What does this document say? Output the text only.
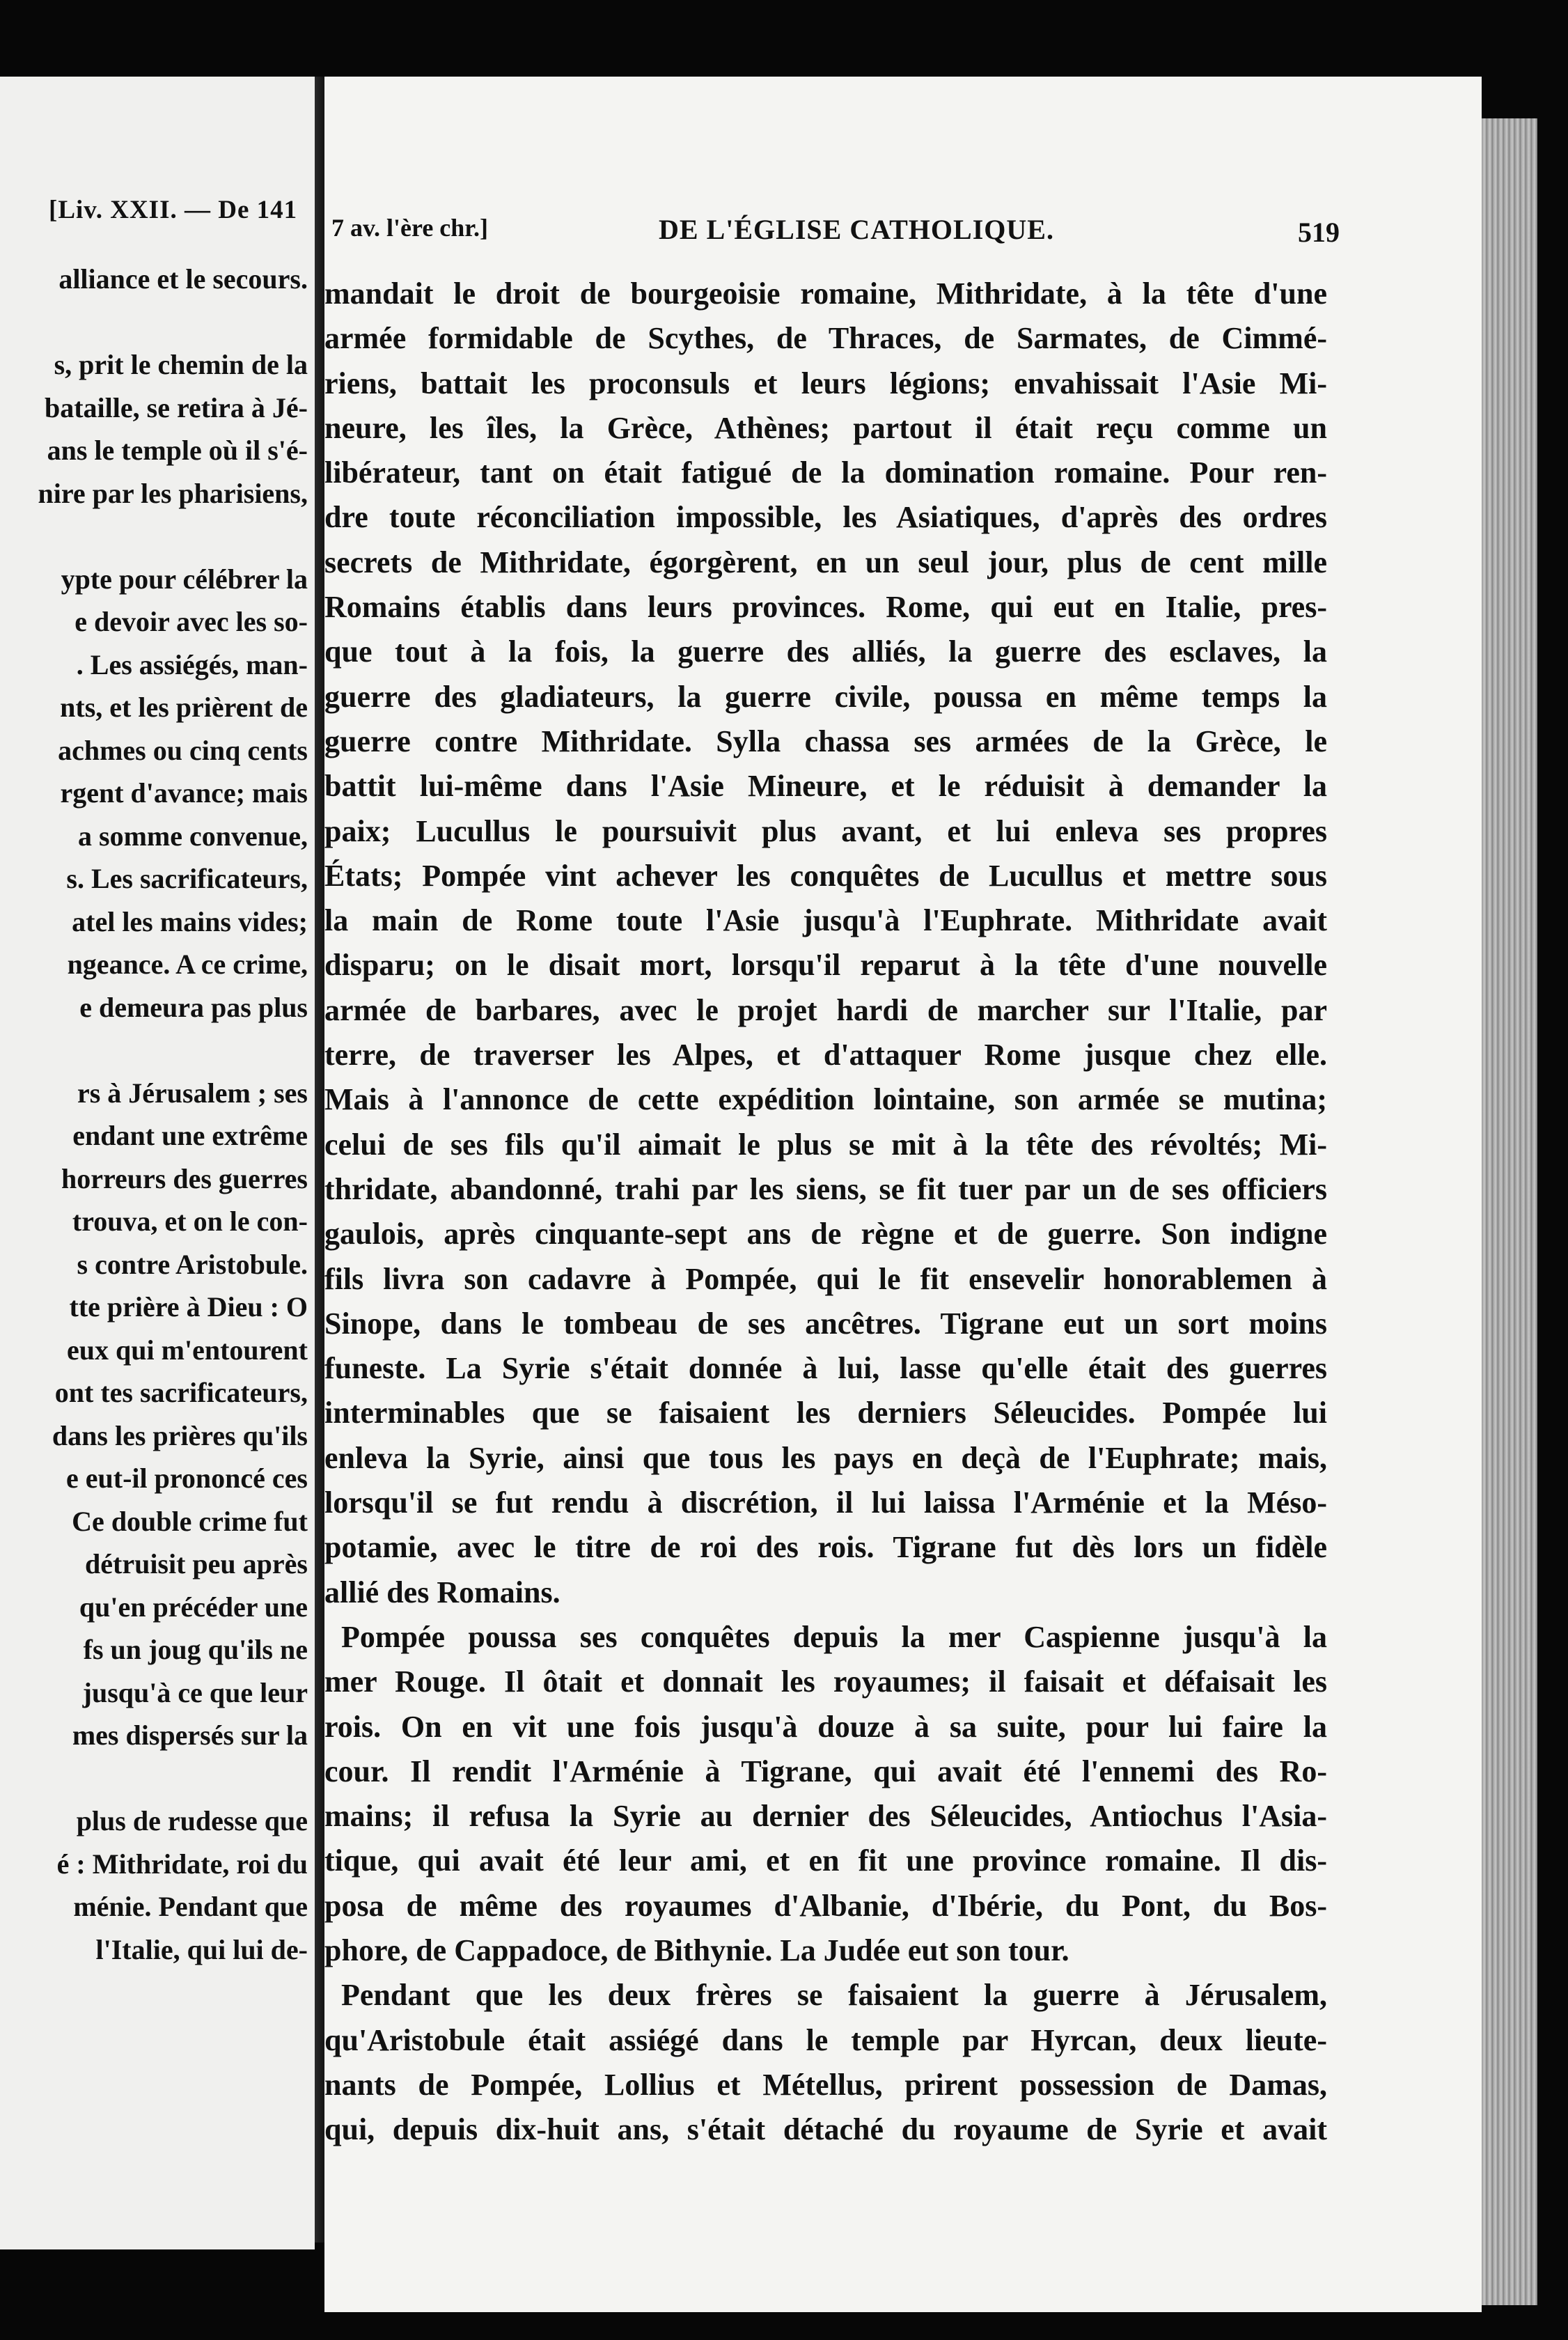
[Liv. XXII. — De 141
alliance et le secours.
s, prit le chemin de la
bataille, se retira à Jé-
ans le temple où il s'é-
nire par les pharisiens,
ypte pour célébrer la
e devoir avec les so-
. Les assiégés, man-
nts, et les prièrent de
achmes ou cinq cents
rgent d'avance; mais
a somme convenue,
s. Les sacrificateurs,
atel les mains vides;
ngeance. A ce crime,
e demeura pas plus
rs à Jérusalem ; ses
endant une extrême
horreurs des guerres
trouva, et on le con-
s contre Aristobule.
tte prière à Dieu : O
eux qui m'entourent
ont tes sacrificateurs,
dans les prières qu'ils
e eut-il prononcé ces
Ce double crime fut
détruisit peu après
qu'en précéder une
fs un joug qu'ils ne
jusqu'à ce que leur
mes dispersés sur la
plus de rudesse que
é : Mithridate, roi du
ménie. Pendant que
l'Italie, qui lui de-
7 av. l'ère chr.]	DE L'ÉGLISE CATHOLIQUE.	519
mandait le droit de bourgeoisie romaine, Mithridate, à la tête d'une
armée formidable de Scythes, de Thraces, de Sarmates, de Cimmé-
riens, battait les proconsuls et leurs légions; envahissait l'Asie Mi-
neure, les îles, la Grèce, Athènes; partout il était reçu comme un
libérateur, tant on était fatigué de la domination romaine. Pour ren-
dre toute réconciliation impossible, les Asiatiques, d'après des ordres
secrets de Mithridate, égorgèrent, en un seul jour, plus de cent mille
Romains établis dans leurs provinces. Rome, qui eut en Italie, pres-
que tout à la fois, la guerre des alliés, la guerre des esclaves, la
guerre des gladiateurs, la guerre civile, poussa en même temps la
guerre contre Mithridate. Sylla chassa ses armées de la Grèce, le
battit lui-même dans l'Asie Mineure, et le réduisit à demander la
paix; Lucullus le poursuivit plus avant, et lui enleva ses propres
États; Pompée vint achever les conquêtes de Lucullus et mettre sous
la main de Rome toute l'Asie jusqu'à l'Euphrate. Mithridate avait
disparu; on le disait mort, lorsqu'il reparut à la tête d'une nouvelle
armée de barbares, avec le projet hardi de marcher sur l'Italie, par
terre, de traverser les Alpes, et d'attaquer Rome jusque chez elle.
Mais à l'annonce de cette expédition lointaine, son armée se mutina;
celui de ses fils qu'il aimait le plus se mit à la tête des révoltés; Mi-
thridate, abandonné, trahi par les siens, se fit tuer par un de ses officiers
gaulois, après cinquante-sept ans de règne et de guerre. Son indigne
fils livra son cadavre à Pompée, qui le fit ensevelir honorablemen à
Sinope, dans le tombeau de ses ancêtres. Tigrane eut un sort moins
funeste. La Syrie s'était donnée à lui, lasse qu'elle était des guerres
interminables que se faisaient les derniers Séleucides. Pompée lui
enleva la Syrie, ainsi que tous les pays en deçà de l'Euphrate; mais,
lorsqu'il se fut rendu à discrétion, il lui laissa l'Arménie et la Méso-
potamie, avec le titre de roi des rois. Tigrane fut dès lors un fidèle
allié des Romains.
Pompée poussa ses conquêtes depuis la mer Caspienne jusqu'à la
mer Rouge. Il ôtait et donnait les royaumes; il faisait et défaisait les
rois. On en vit une fois jusqu'à douze à sa suite, pour lui faire la
cour. Il rendit l'Arménie à Tigrane, qui avait été l'ennemi des Ro-
mains; il refusa la Syrie au dernier des Séleucides, Antiochus l'Asia-
tique, qui avait été leur ami, et en fit une province romaine. Il dis-
posa de même des royaumes d'Albanie, d'Ibérie, du Pont, du Bos-
phore, de Cappadoce, de Bithynie. La Judée eut son tour.
Pendant que les deux frères se faisaient la guerre à Jérusalem,
qu'Aristobule était assiégé dans le temple par Hyrcan, deux lieute-
nants de Pompée, Lollius et Métellus, prirent possession de Damas,
qui, depuis dix-huit ans, s'était détaché du royaume de Syrie et avait
